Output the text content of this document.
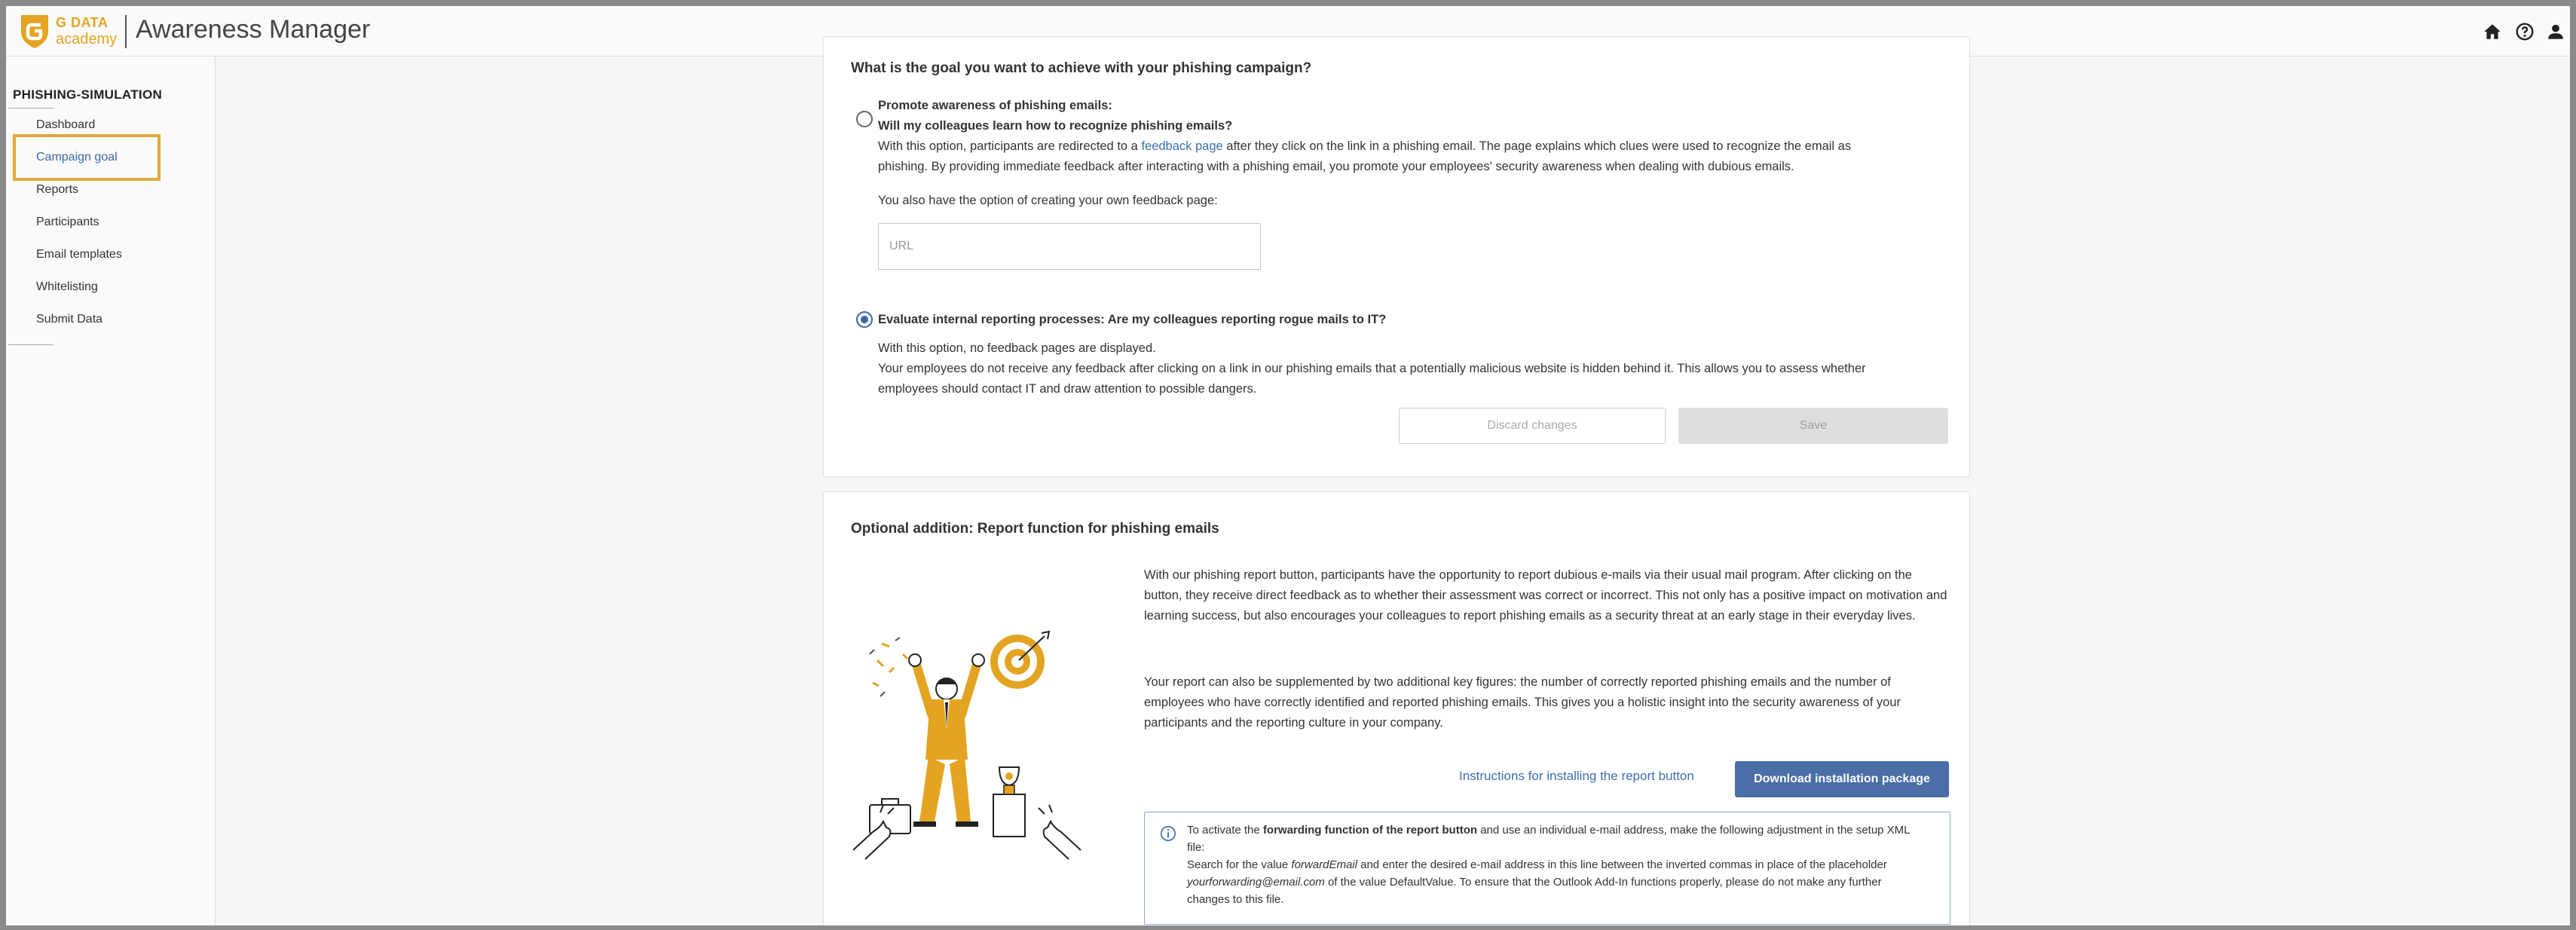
G DATA
academy Awareness Manager
PHISHING-SIMULATION
Dashboard
Campaign goal
Reports
Participants
Email templates
Whitelisting
Submit Data
What is the goal you want to achieve with your phishing campaign?
Promote awareness of phishing emails:
Will my colleagues learn how to recognize phishing emails?
With this option, participants are redirected to a feedback page after they click on the link in a phishing email. The page explains which clues were used to recognize the email as phishing. By providing immediate feedback after interacting with a phishing email, you promote your employees' security awareness when dealing with dubious emails.
You also have the option of creating your own feedback page:
URL
Evaluate internal reporting processes: Are my colleagues reporting rogue mails to IT?
With this option, no feedback pages are displayed.
Your employees do not receive any feedback after clicking on a link in our phishing emails that a potentially malicious website is hidden behind it. This allows you to assess whether employees should contact IT and draw attention to possible dangers.
Discard changes	Save
Optional addition: Report function for phishing emails
With our phishing report button, participants have the opportunity to report dubious e-mails via their usual mail program. After clicking on the button, they receive direct feedback as to whether their assessment was correct or incorrect. This not only has a positive impact on motivation and learning success, but also encourages your colleagues to report phishing emails as a security threat at an early stage in their everyday lives.
Your report can also be supplemented by two additional key figures: the number of correctly reported phishing emails and the number of employees who have correctly identified and reported phishing emails. This gives you a holistic insight into the security awareness of your participants and the reporting culture in your company.
Instructions for installing the report button	Download installation package
To activate the forwarding function of the report button and use an individual e-mail address, make the following adjustment in the setup XML file:
Search for the value forwardEmail and enter the desired e-mail address in this line between the inverted commas in place of the placeholder yourforwarding@email.com of the value DefaultValue. To ensure that the Outlook Add-In functions properly, please do not make any further changes to this file.
